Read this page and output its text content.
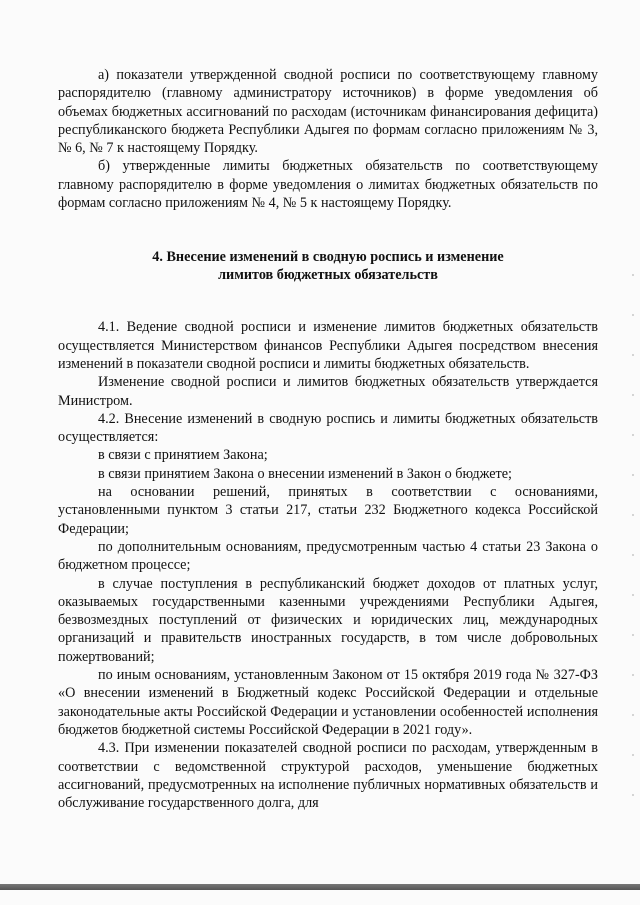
а) показатели утвержденной сводной росписи по соответствующему главному распорядителю (главному администратору источников) в форме уведомления об объемах бюджетных ассигнований по расходам (источникам финансирования дефицита) республиканского бюджета Республики Адыгея по формам согласно приложениям № 3, № 6, № 7 к настоящему Порядку.

б) утвержденные лимиты бюджетных обязательств по соответствующему главному распорядителю в форме уведомления о лимитах бюджетных обязательств по формам согласно приложениям № 4, № 5 к настоящему Порядку.

4. Внесение изменений в сводную роспись и изменение

лимитов бюджетных обязательств

4.1. Ведение сводной росписи и изменение лимитов бюджетных обязательств осуществляется Министерством финансов Республики Адыгея посредством внесения изменений в показатели сводной росписи и лимиты бюджетных обязательств.

Изменение сводной росписи и лимитов бюджетных обязательств утверждается Министром.

4.2. Внесение изменений в сводную роспись и лимиты бюджетных обязательств осуществляется:

в связи с принятием Закона;

в связи принятием Закона о внесении изменений в Закон о бюджете;

на основании решений, принятых в соответствии с основаниями, установленными пунктом 3 статьи 217, статьи 232 Бюджетного кодекса Российской Федерации;

по дополнительным основаниям, предусмотренным частью 4 статьи 23 Закона о бюджетном процессе;

в случае поступления в республиканский бюджет доходов от платных услуг, оказываемых государственными казенными учреждениями Республики Адыгея, безвозмездных поступлений от физических и юридических лиц, международных организаций и правительств иностранных государств, в том числе добровольных пожертвований;

по иным основаниям, установленным Законом от 15 октября 2019 года № 327-ФЗ «О внесении изменений в Бюджетный кодекс Российской Федерации и отдельные законодательные акты Российской Федерации и установлении особенностей исполнения бюджетов бюджетной системы Российской Федерации в 2021 году».

4.3. При изменении показателей сводной росписи по расходам, утвержденным в соответствии с ведомственной структурой расходов, уменьшение бюджетных ассигнований, предусмотренных на исполнение публичных нормативных обязательств и обслуживание государственного долга, для
